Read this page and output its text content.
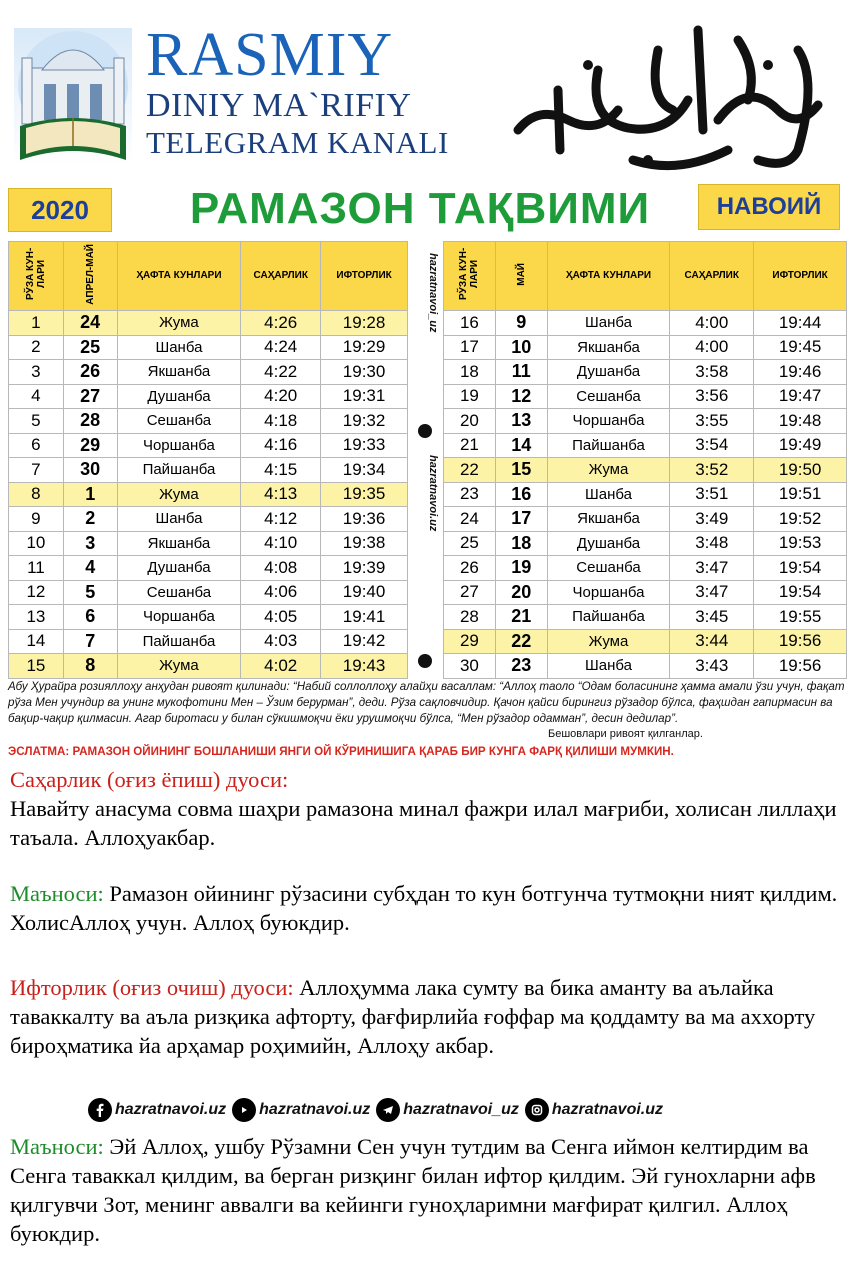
RASMIY
DINIY MA`RIFIY
TELEGRAM KANALI
2020	РАМАЗОН ТАҚВИМИ	НАВОИЙ
РЎЗА КУН-ЛАРИ	АПРЕЛ-МАЙ	ҲАФТА КУНЛАРИ	САҲАРЛИК	ИФТОРЛИК
1	24	Жума	4:26	19:28
2	25	Шанба	4:24	19:29
3	26	Якшанба	4:22	19:30
4	27	Душанба	4:20	19:31
5	28	Сешанба	4:18	19:32
6	29	Чоршанба	4:16	19:33
7	30	Пайшанба	4:15	19:34
8	1	Жума	4:13	19:35
9	2	Шанба	4:12	19:36
10	3	Якшанба	4:10	19:38
11	4	Душанба	4:08	19:39
12	5	Сешанба	4:06	19:40
13	6	Чоршанба	4:05	19:41
14	7	Пайшанба	4:03	19:42
15	8	Жума	4:02	19:43
hazratnavoi_uz
hazratnavoi.uz
РЎЗА КУН-ЛАРИ	МАЙ	ҲАФТА КУНЛАРИ	САҲАРЛИК	ИФТОРЛИК
16	9	Шанба	4:00	19:44
17	10	Якшанба	4:00	19:45
18	11	Душанба	3:58	19:46
19	12	Сешанба	3:56	19:47
20	13	Чоршанба	3:55	19:48
21	14	Пайшанба	3:54	19:49
22	15	Жума	3:52	19:50
23	16	Шанба	3:51	19:51
24	17	Якшанба	3:49	19:52
25	18	Душанба	3:48	19:53
26	19	Сешанба	3:47	19:54
27	20	Чоршанба	3:47	19:54
28	21	Пайшанба	3:45	19:55
29	22	Жума	3:44	19:56
30	23	Шанба	3:43	19:56
Абу Ҳурайра розияллоҳу анҳудан ривоят қилинади: “Набий соллоллоҳу алайҳи васаллам: “Аллоҳ таоло “Одам боласининг ҳамма амали ўзи учун, фақат рўза Мен учундир ва унинг мукофотини Мен – Ўзим берурман”, деди. Рўза сақловчидир. Қачон қайси бирингиз рўзадор бўлса, фаҳшдан гапирмасин ва бақир-чақир қилмасин. Агар биротаси у билан сўкишмоқчи ёки урушмоқчи бўлса, “Мен рўзадор одамман”, десин дедилар”.
Бешовлари ривоят қилганлар.
ЭСЛАТМА: РАМАЗОН ОЙИНИНГ БОШЛАНИШИ ЯНГИ ОЙ КЎРИНИШИГА ҚАРАБ БИР КУНГА ФАРҚ ҚИЛИШИ МУМКИН.
Саҳарлик (оғиз ёпиш) дуоси:
Навайту анасума совма шаҳри рамазона минал фажри илал мағриби, холисан лиллаҳи таъала. Аллоҳуакбар.
Маъноси: Рамазон ойининг рўзасини субҳдан то кун ботгунча тутмоқни ният қилдим. ХолисАллоҳ учун. Аллоҳ буюкдир.
Ифторлик (оғиз очиш) дуоси: Аллоҳумма лака сумту ва бика аманту ва аълайка таваккалту ва аъла ризқика афторту, фағфирлийа ғоффар ма қоддамту ва ма аххорту бироҳматика йа арҳамар роҳимийн, Аллоҳу акбар.
hazratnavoi.uz hazratnavoi.uz hazratnavoi_uz hazratnavoi.uz
Маъноси: Эй Аллоҳ, ушбу Рўзамни Сен учун тутдим ва Сенга иймон келтирдим ва Сенга таваккал қилдим, ва берган ризқинг билан ифтор қилдим. Эй гунохларни афв қилгувчи Зот, менинг аввалги ва кейинги гуноҳларимни мағфират қилгил. Аллоҳ буюкдир.
